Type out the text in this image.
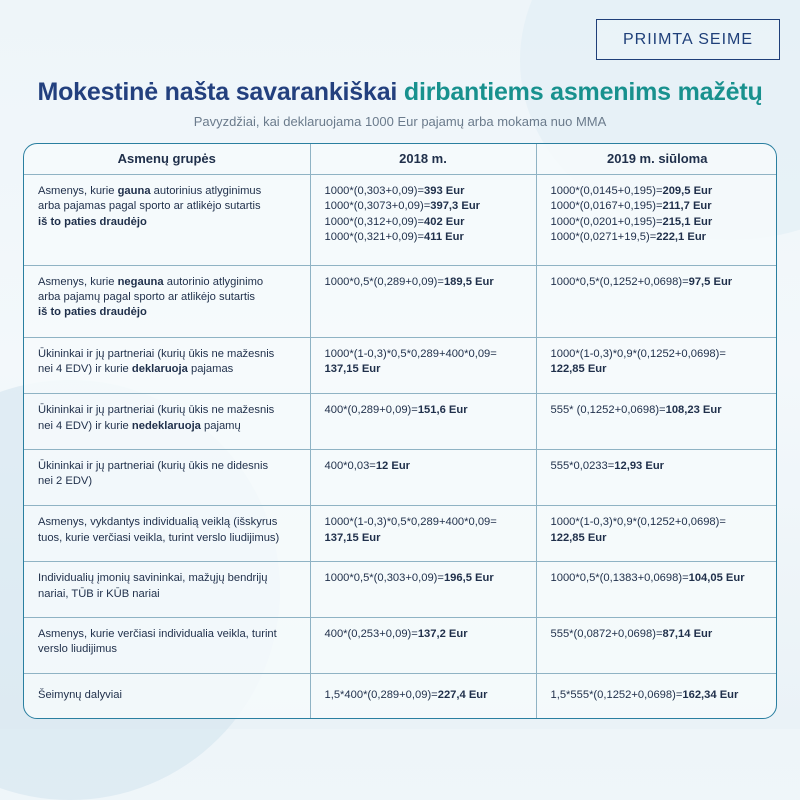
PRIIMTA SEIME
Mokestinė našta savarankiškai dirbantiems asmenims mažėtų
Pavyzdžiai, kai deklaruojama 1000 Eur pajamų arba mokama nuo MMA
Asmenų grupės	2018 m.	2019 m. siūloma
Asmenys, kurie gauna autorinius atlyginimus
arba pajamas pagal sporto ar atlikėjo sutartis
iš to paties draudėjo	1000*(0,303+0,09)=393 Eur
1000*(0,3073+0,09)=397,3 Eur
1000*(0,312+0,09)=402 Eur
1000*(0,321+0,09)=411 Eur	1000*(0,0145+0,195)=209,5 Eur
1000*(0,0167+0,195)=211,7 Eur
1000*(0,0201+0,195)=215,1 Eur
1000*(0,0271+19,5)=222,1 Eur

Asmenys, kurie negauna autorinio atlyginimo
arba pajamų pagal sporto ar atlikėjo sutartis
iš to paties draudėjo	1000*0,5*(0,289+0,09)=189,5 Eur	1000*0,5*(0,1252+0,0698)=97,5 Eur

Ūkininkai ir jų partneriai (kurių ūkis ne mažesnis
nei 4 EDV) ir kurie deklaruoja pajamas	1000*(1-0,3)*0,5*0,289+400*0,09=
137,15 Eur	1000*(1-0,3)*0,9*(0,1252+0,0698)=
122,85 Eur

Ūkininkai ir jų partneriai (kurių ūkis ne mažesnis
nei 4 EDV) ir kurie nedeklaruoja pajamų	400*(0,289+0,09)=151,6 Eur	555* (0,1252+0,0698)=108,23 Eur

Ūkininkai ir jų partneriai (kurių ūkis ne didesnis
nei 2 EDV)	400*0,03=12 Eur	555*0,0233=12,93 Eur

Asmenys, vykdantys individualią veiklą (išskyrus
tuos, kurie verčiasi veikla, turint verslo liudijimus)	1000*(1-0,3)*0,5*0,289+400*0,09=
137,15 Eur	1000*(1-0,3)*0,9*(0,1252+0,0698)=
122,85 Eur

Individualių įmonių savininkai, mažųjų bendrijų
nariai, TŪB ir KŪB nariai	1000*0,5*(0,303+0,09)=196,5 Eur	1000*0,5*(0,1383+0,0698)=104,05 Eur

Asmenys, kurie verčiasi individualia veikla, turint
verslo liudijimus	400*(0,253+0,09)=137,2 Eur	555*(0,0872+0,0698)=87,14 Eur

Šeimynų dalyviai	1,5*400*(0,289+0,09)=227,4 Eur	1,5*555*(0,1252+0,0698)=162,34 Eur
